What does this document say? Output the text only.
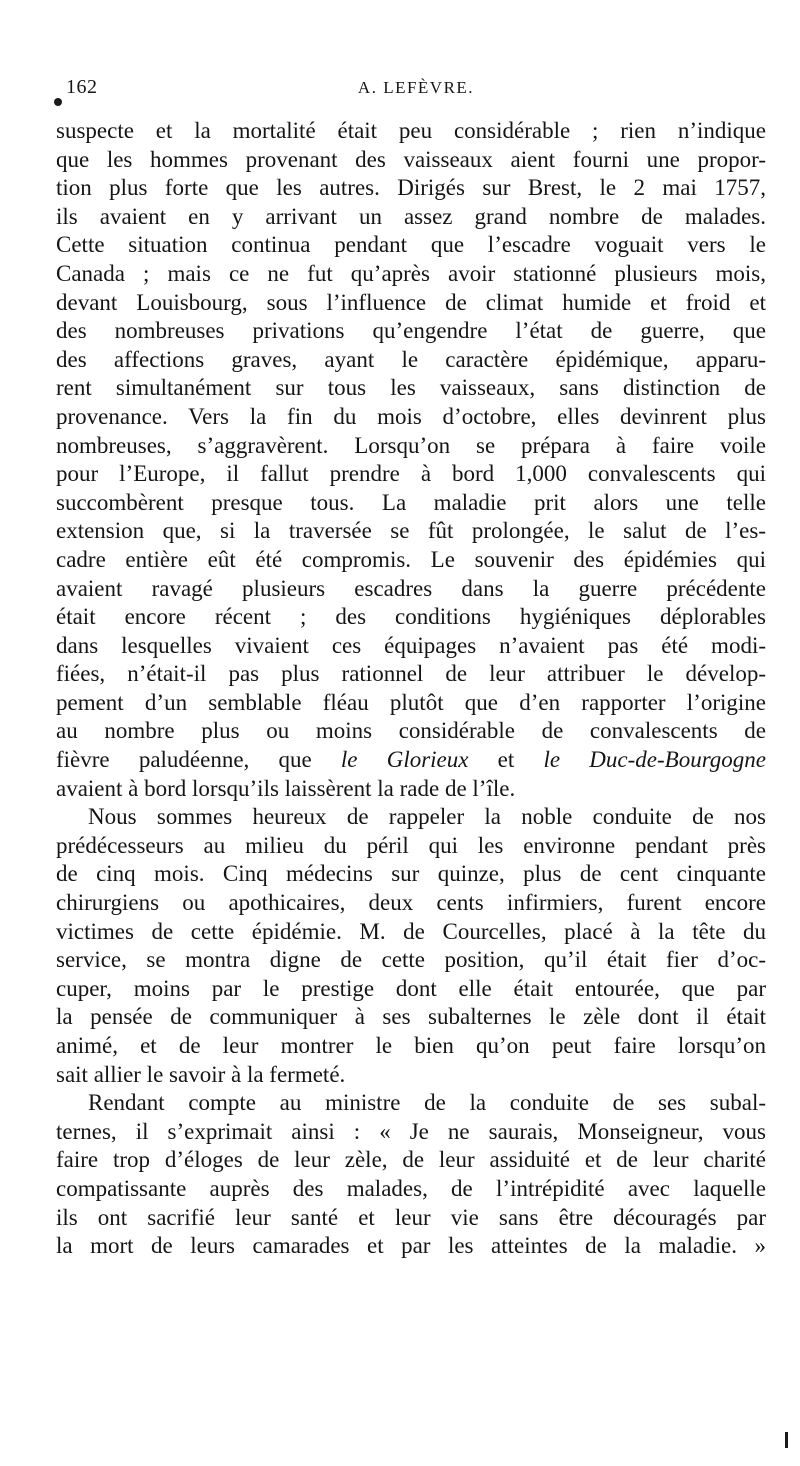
162	A. LEFÈVRE.
suspecte et la mortalité était peu considérable ; rien n’indique
que les hommes provenant des vaisseaux aient fourni une propor-
tion plus forte que les autres. Dirigés sur Brest, le 2 mai 1757,
ils avaient en y arrivant un assez grand nombre de malades.
Cette situation continua pendant que l’escadre voguait vers le
Canada ; mais ce ne fut qu’après avoir stationné plusieurs mois,
devant Louisbourg, sous l’influence de climat humide et froid et
des nombreuses privations qu’engendre l’état de guerre, que
des affections graves, ayant le caractère épidémique, apparu-
rent simultanément sur tous les vaisseaux, sans distinction de
provenance. Vers la fin du mois d’octobre, elles devinrent plus
nombreuses, s’aggravèrent. Lorsqu’on se prépara à faire voile
pour l’Europe, il fallut prendre à bord 1,000 convalescents qui
succombèrent presque tous. La maladie prit alors une telle
extension que, si la traversée se fût prolongée, le salut de l’es-
cadre entière eût été compromis. Le souvenir des épidémies qui
avaient ravagé plusieurs escadres dans la guerre précédente
était encore récent ; des conditions hygiéniques déplorables
dans lesquelles vivaient ces équipages n’avaient pas été modi-
fiées, n’était-il pas plus rationnel de leur attribuer le dévelop-
pement d’un semblable fléau plutôt que d’en rapporter l’origine
au nombre plus ou moins considérable de convalescents de
fièvre paludéenne, que le Glorieux et le Duc-de-Bourgogne
avaient à bord lorsqu’ils laissèrent la rade de l’île.
Nous sommes heureux de rappeler la noble conduite de nos
prédécesseurs au milieu du péril qui les environne pendant près
de cinq mois. Cinq médecins sur quinze, plus de cent cinquante
chirurgiens ou apothicaires, deux cents infirmiers, furent encore
victimes de cette épidémie. M. de Courcelles, placé à la tête du
service, se montra digne de cette position, qu’il était fier d’oc-
cuper, moins par le prestige dont elle était entourée, que par
la pensée de communiquer à ses subalternes le zèle dont il était
animé, et de leur montrer le bien qu’on peut faire lorsqu’on
sait allier le savoir à la fermeté.
Rendant compte au ministre de la conduite de ses subal-
ternes, il s’exprimait ainsi : « Je ne saurais, Monseigneur, vous
faire trop d’éloges de leur zèle, de leur assiduité et de leur charité
compatissante auprès des malades, de l’intrépidité avec laquelle
ils ont sacrifié leur santé et leur vie sans être découragés par
la mort de leurs camarades et par les atteintes de la maladie. »
